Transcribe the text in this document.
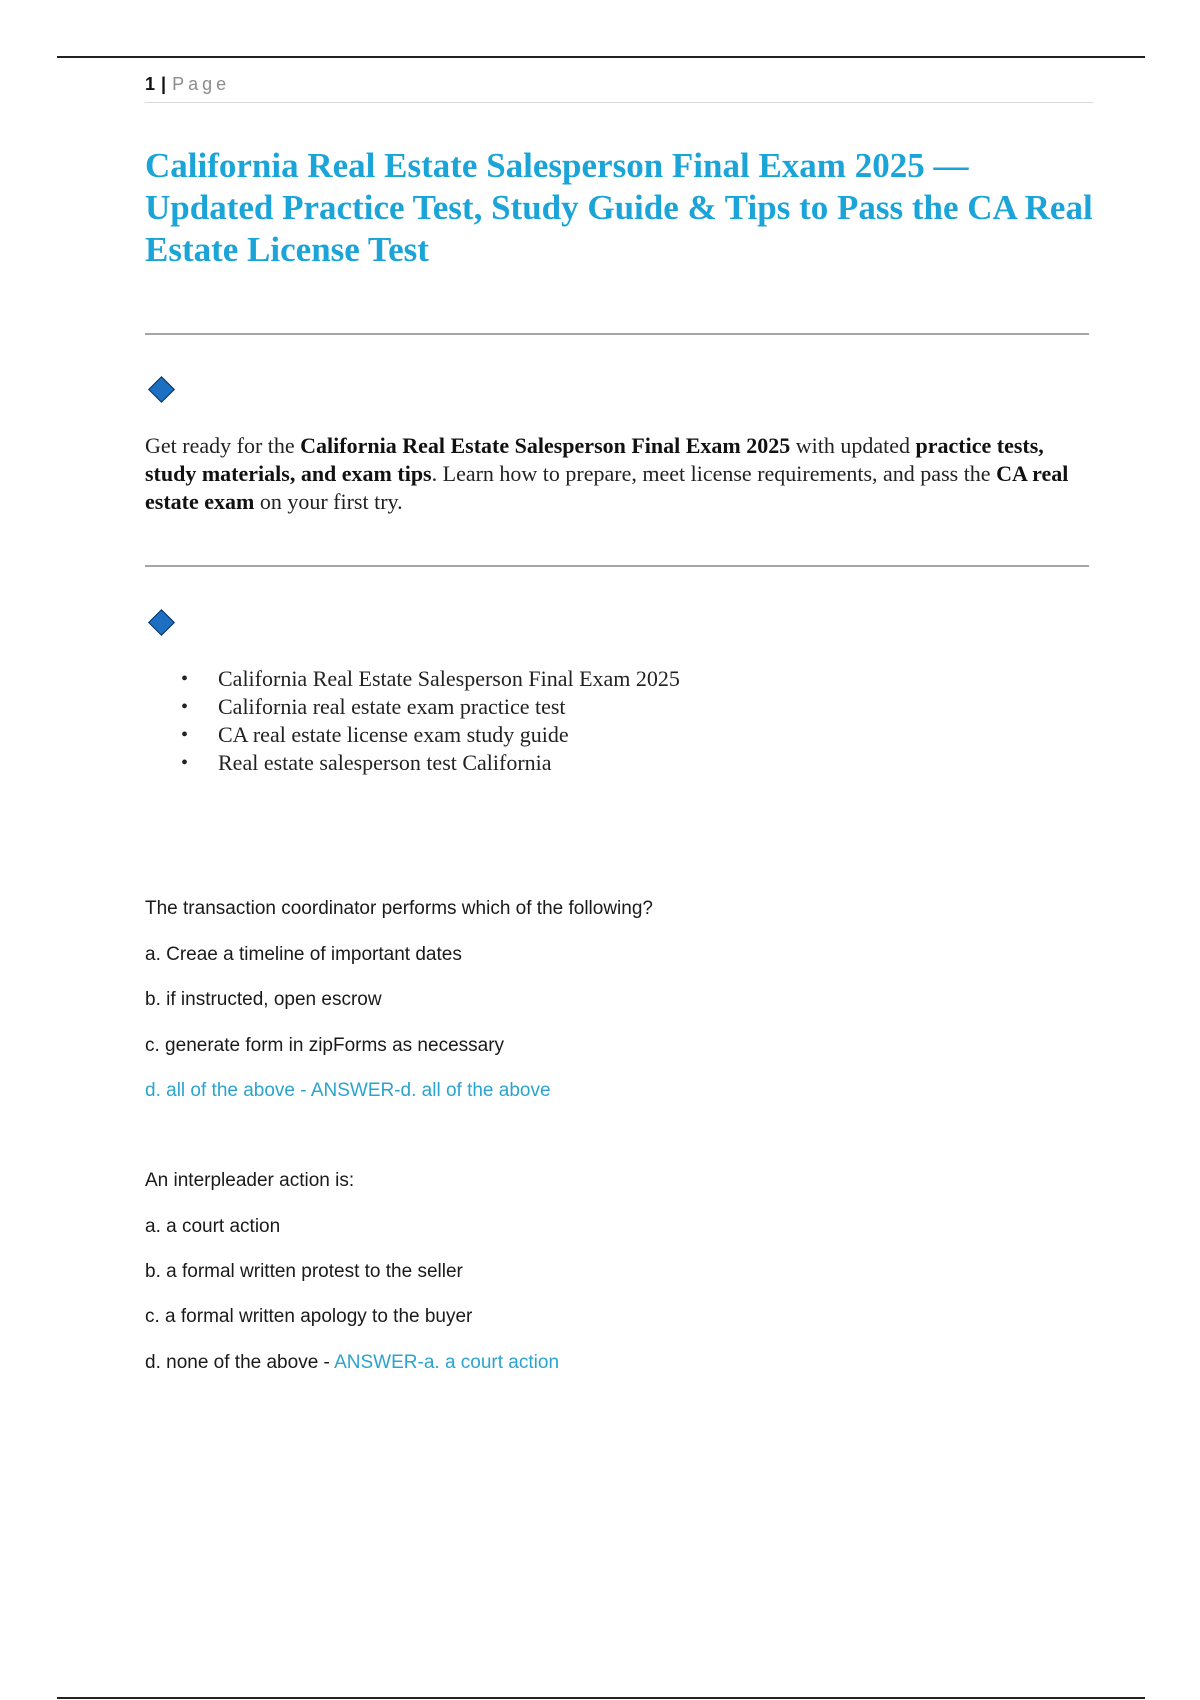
1 | Page
California Real Estate Salesperson Final Exam 2025 — Updated Practice Test, Study Guide & Tips to Pass the CA Real Estate License Test

Get ready for the California Real Estate Salesperson Final Exam 2025 with updated practice tests, study materials, and exam tips. Learn how to prepare, meet license requirements, and pass the CA real estate exam on your first try.

• California Real Estate Salesperson Final Exam 2025
• California real estate exam practice test
• CA real estate license exam study guide
• Real estate salesperson test California

The transaction coordinator performs which of the following?

a. Creae a timeline of important dates

b. if instructed, open escrow

c. generate form in zipForms as necessary

d. all of the above - ANSWER-d. all of the above

An interpleader action is:

a. a court action

b. a formal written protest to the seller

c. a formal written apology to the buyer

d. none of the above - ANSWER-a. a court action
